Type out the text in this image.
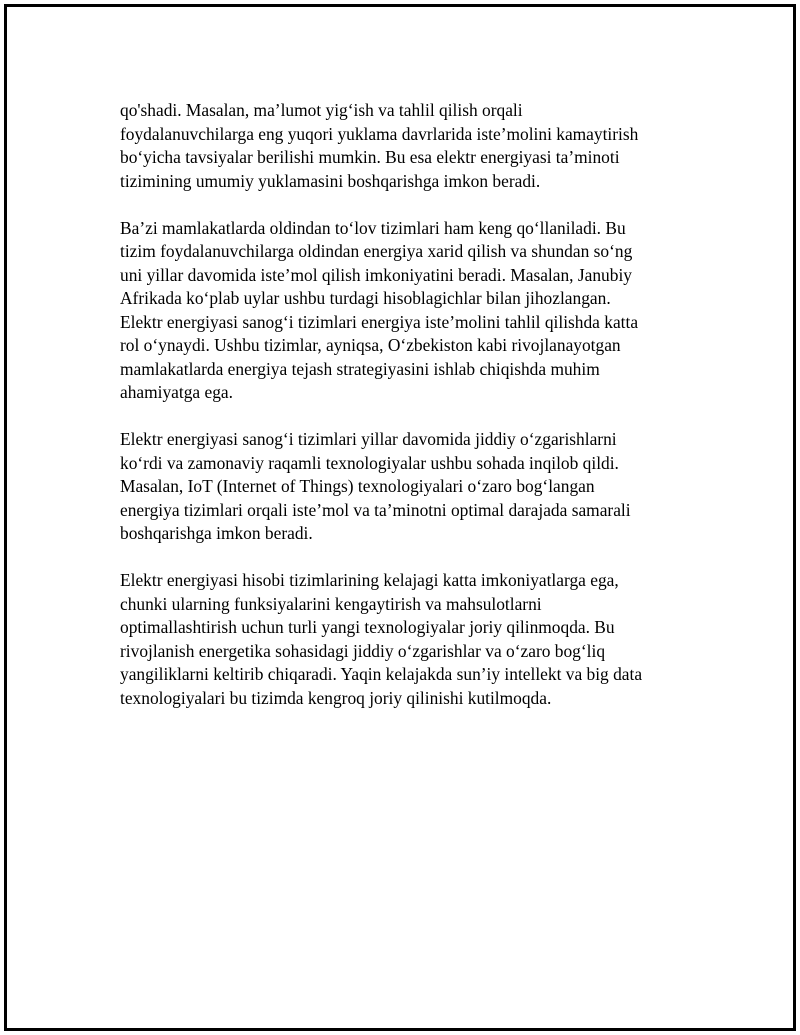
qo'shadi. Masalan, ma’lumot yig‘ish va tahlil qilish orqali
foydalanuvchilarga eng yuqori yuklama davrlarida iste’molini kamaytirish
bo‘yicha tavsiyalar berilishi mumkin. Bu esa elektr energiyasi ta’minoti
tizimining umumiy yuklamasini boshqarishga imkon beradi.

Ba’zi mamlakatlarda oldindan to‘lov tizimlari ham keng qo‘llaniladi. Bu
tizim foydalanuvchilarga oldindan energiya xarid qilish va shundan so‘ng
uni yillar davomida iste’mol qilish imkoniyatini beradi. Masalan, Janubiy
Afrikada ko‘plab uylar ushbu turdagi hisoblagichlar bilan jihozlangan.
Elektr energiyasi sanog‘i tizimlari energiya iste’molini tahlil qilishda katta
rol o‘ynaydi. Ushbu tizimlar, ayniqsa, O‘zbekiston kabi rivojlanayotgan
mamlakatlarda energiya tejash strategiyasini ishlab chiqishda muhim
ahamiyatga ega.

Elektr energiyasi sanog‘i tizimlari yillar davomida jiddiy o‘zgarishlarni
ko‘rdi va zamonaviy raqamli texnologiyalar ushbu sohada inqilob qildi.
Masalan, IoT (Internet of Things) texnologiyalari o‘zaro bog‘langan
energiya tizimlari orqali iste’mol va ta’minotni optimal darajada samarali
boshqarishga imkon beradi.

Elektr energiyasi hisobi tizimlarining kelajagi katta imkoniyatlarga ega,
chunki ularning funksiyalarini kengaytirish va mahsulotlarni
optimallashtirish uchun turli yangi texnologiyalar joriy qilinmoqda. Bu
rivojlanish energetika sohasidagi jiddiy o‘zgarishlar va o‘zaro bog‘liq
yangiliklarni keltirib chiqaradi. Yaqin kelajakda sun’iy intellekt va big data
texnologiyalari bu tizimda kengroq joriy qilinishi kutilmoqda.
